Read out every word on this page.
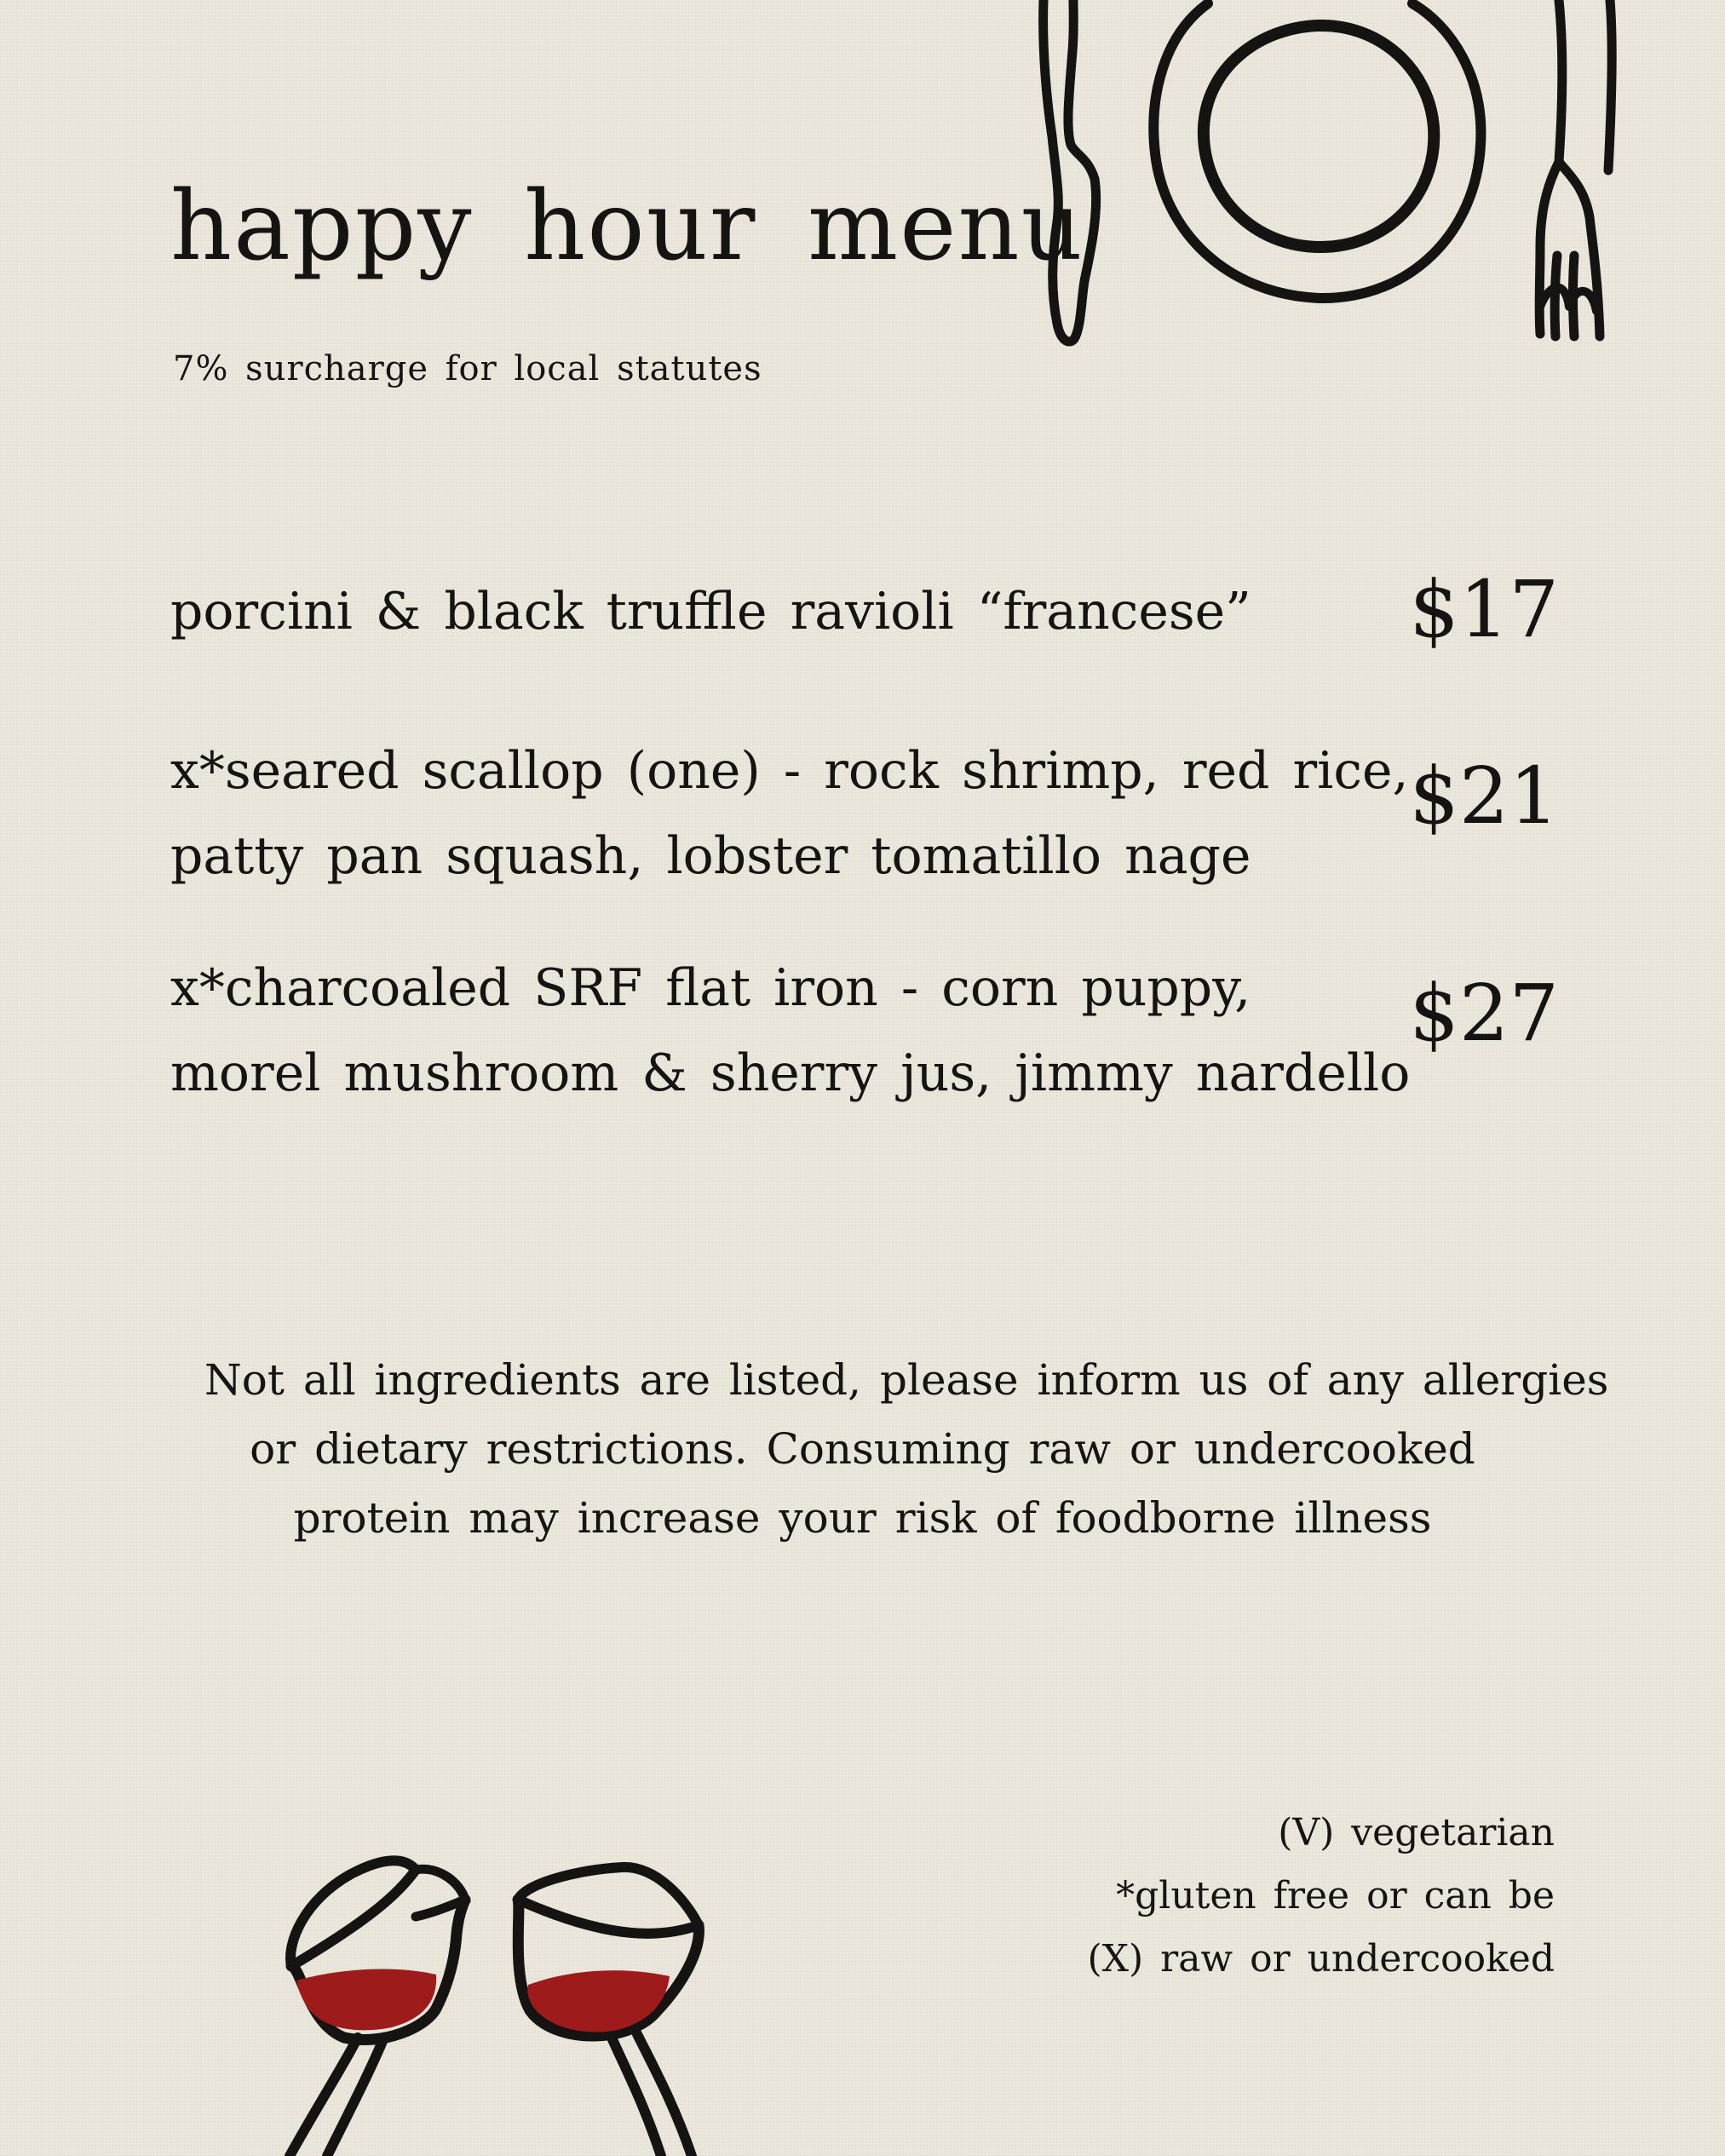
happy hour menu
7% surcharge for local statutes
porcini & black truffle ravioli “francese” $17
x*seared scallop (one) - rock shrimp, red rice,
patty pan squash, lobster tomatillo nage
$21
x*charcoaled SRF flat iron - corn puppy,
morel mushroom & sherry jus, jimmy nardello
$27
Not all ingredients are listed, please inform us of any allergies
or dietary restrictions. Consuming raw or undercooked
protein may increase your risk of foodborne illness
(V) vegetarian
*gluten free or can be
(X) raw or undercooked
